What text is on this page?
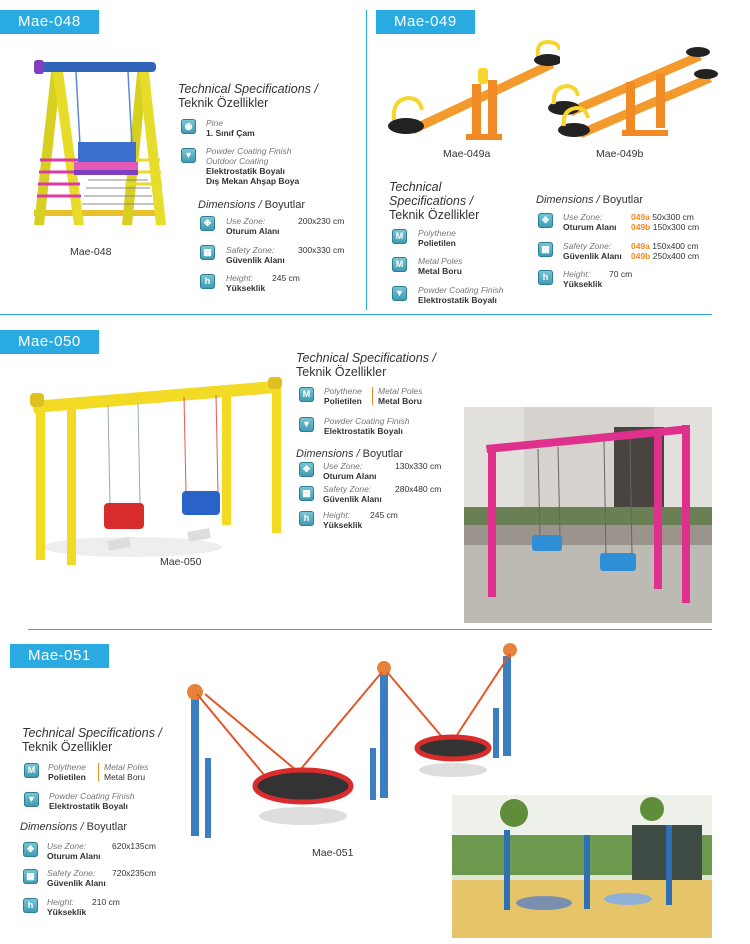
Mae-048
Mae-048
Technical Specifications /
Teknik Özellikler
◉	Pine
1. Sınıf Çam
▼	Powder Coating Finish
Outdoor Coating
Elektrostatik Boyalı
Dış Mekan Ahşap Boya
Dimensions / Boyutlar
✥	Use Zone:
Oturum Alanı
200x230 cm
▦	Safety Zone:
Güvenlik Alanı
300x330 cm
h	Height:
Yükseklik
245 cm
Mae-049
Mae-049a	Mae-049b
Technical
Specifications /
Teknik Özellikler
M	Polythene
Polietilen
M	Metal Poles
Metal Boru
▼	Powder Coating Finish
Elektrostatik Boyalı
Dimensions / Boyutlar
✥	Use Zone:
Oturum Alanı
049a 50x300 cm
049b 150x300 cm
▦	Safety Zone:
Güvenlik Alanı
049a 150x400 cm
049b 250x400 cm
h	Height:
Yükseklik
70 cm
Mae-050
Mae-050
Technical Specifications /
Teknik Özellikler
M	Polythene
Polietilen
Metal Poles
Metal Boru
▼	Powder Coating Finish
Elektrostatik Boyalı
Dimensions / Boyutlar
✥	Use Zone:
Oturum Alanı
130x330 cm
▦	Safety Zone:
Güvenlik Alanı
280x480 cm
h	Height:
Yükseklik
245 cm
Mae-051
Mae-051
Technical Specifications /
Teknik Özellikler
M	Polythene
Polietilen
Metal Poles
Metal Boru
▼	Powder Coating Finish
Elektrostatik Boyalı
Dimensions / Boyutlar
✥	Use Zone:
Oturum Alanı
620x135cm
▦	Safety Zone:
Güvenlik Alanı
720x235cm
h	Height:
Yükseklik
210 cm
